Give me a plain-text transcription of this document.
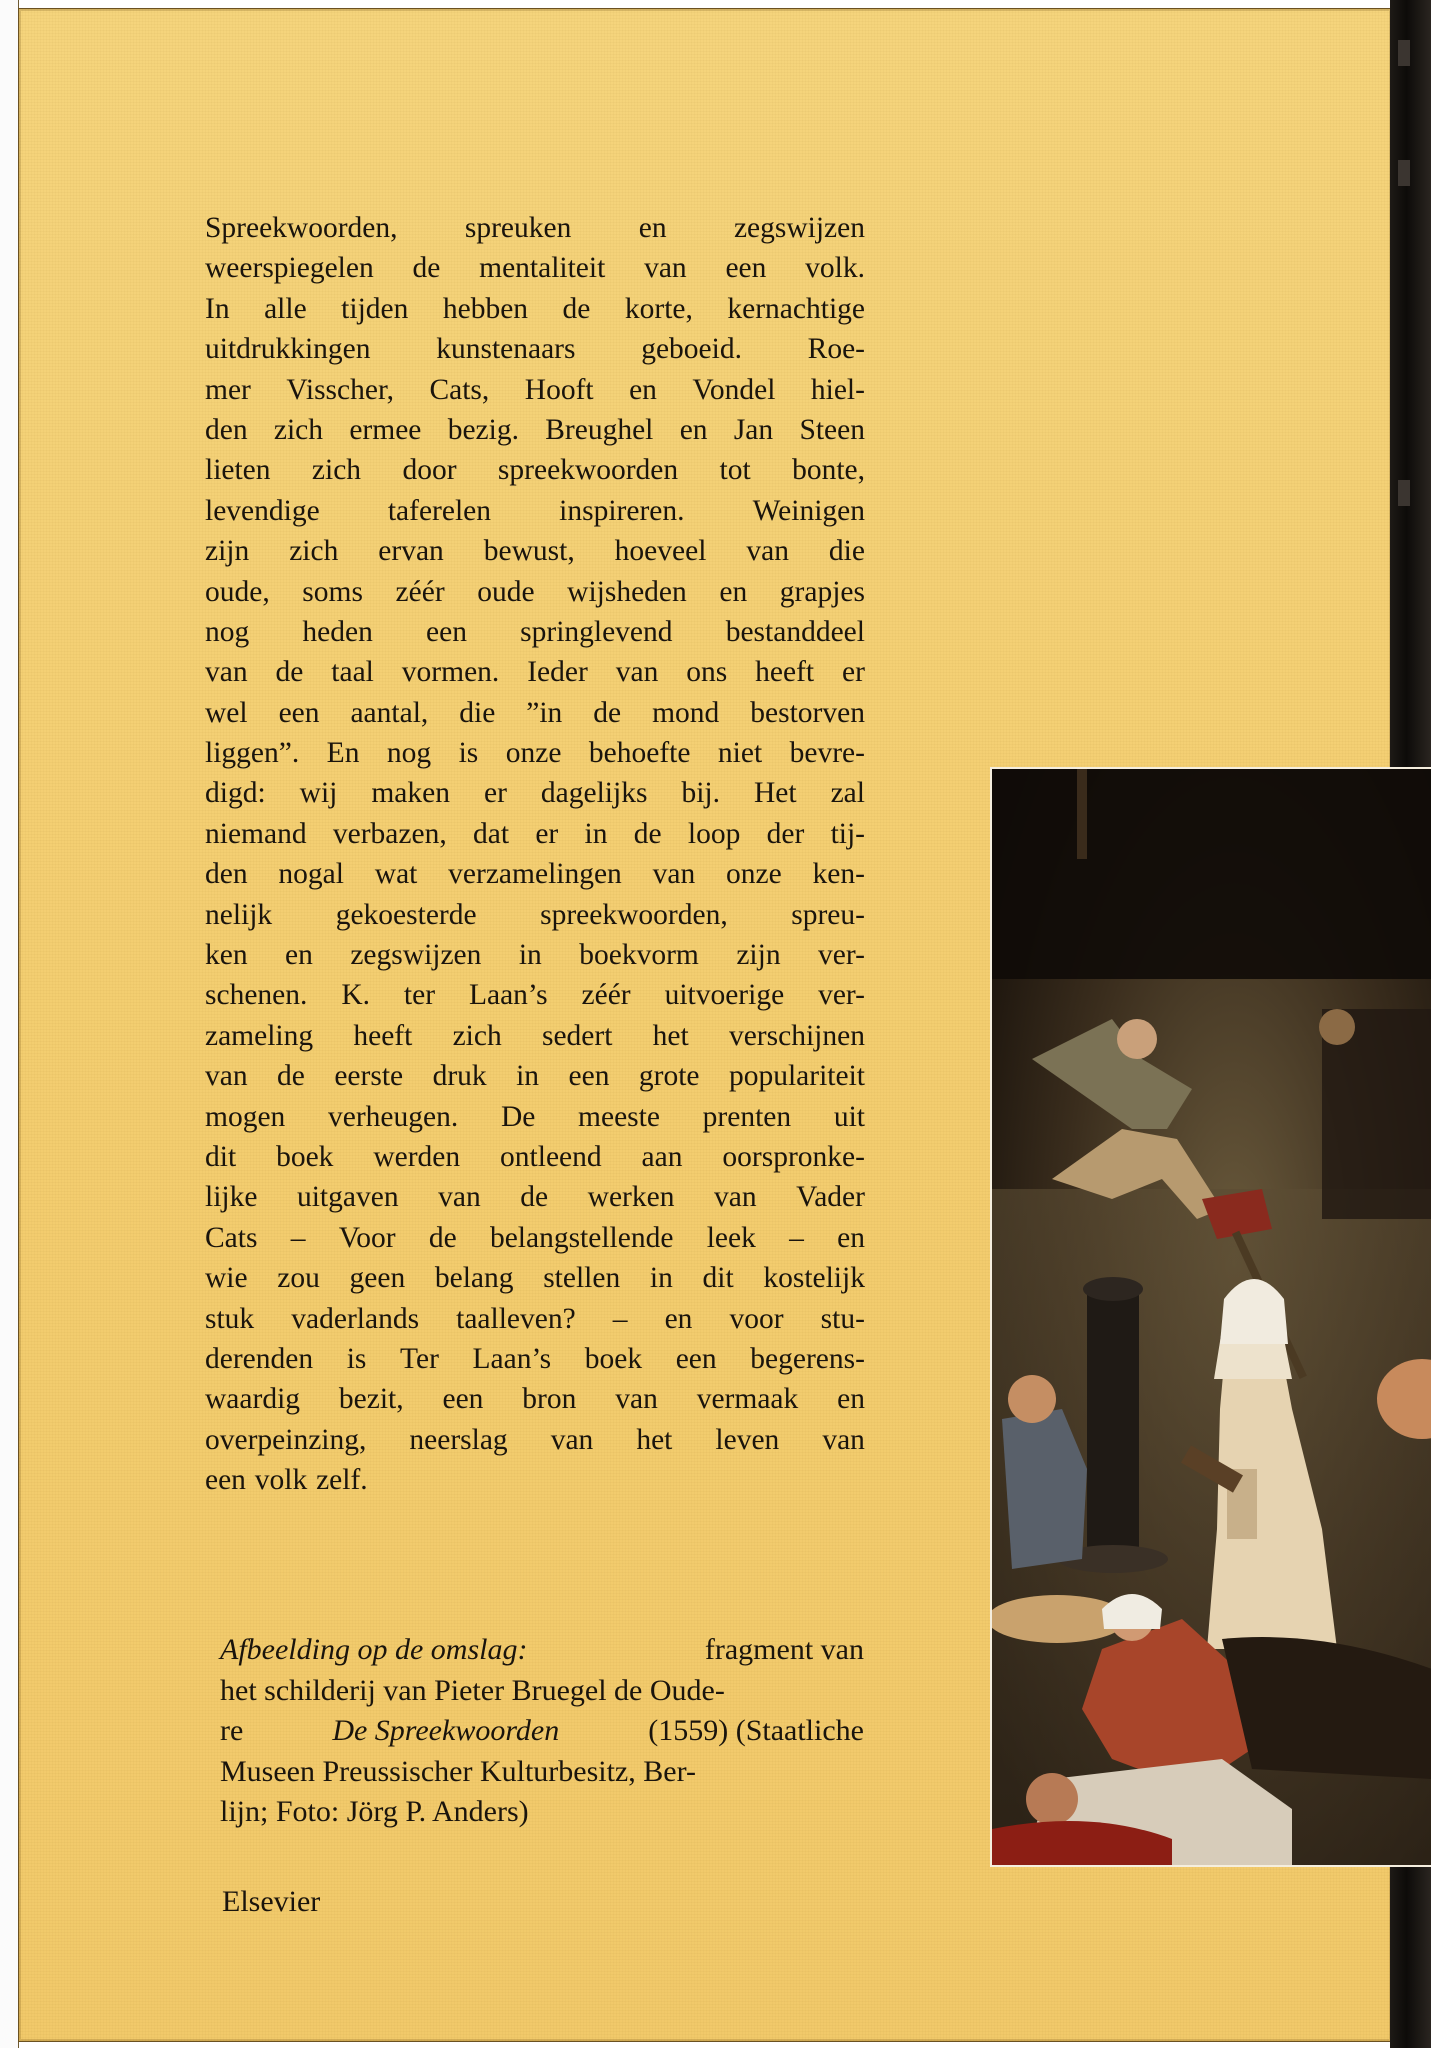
Spreekwoorden, spreuken en zegswijzen
weerspiegelen de mentaliteit van een volk.
In alle tijden hebben de korte, kernachtige
uitdrukkingen kunstenaars geboeid. Roe-
mer Visscher, Cats, Hooft en Vondel hiel-
den zich ermee bezig. Breughel en Jan Steen
lieten zich door spreekwoorden tot bonte,
levendige taferelen inspireren. Weinigen
zijn zich ervan bewust, hoeveel van die
oude, soms zéér oude wijsheden en grapjes
nog heden een springlevend bestanddeel
van de taal vormen. Ieder van ons heeft er
wel een aantal, die ”in de mond bestorven
liggen”. En nog is onze behoefte niet bevre-
digd: wij maken er dagelijks bij. Het zal
niemand verbazen, dat er in de loop der tij-
den nogal wat verzamelingen van onze ken-
nelijk gekoesterde spreekwoorden, spreu-
ken en zegswijzen in boekvorm zijn ver-
schenen. K. ter Laan’s zéér uitvoerige ver-
zameling heeft zich sedert het verschijnen
van de eerste druk in een grote populariteit
mogen verheugen. De meeste prenten uit
dit boek werden ontleend aan oorspronke-
lijke uitgaven van de werken van Vader
Cats – Voor de belangstellende leek – en
wie zou geen belang stellen in dit kostelijk
stuk vaderlands taalleven? – en voor stu-
derenden is Ter Laan’s boek een begerens-
waardig bezit, een bron van vermaak en
overpeinzing, neerslag van het leven van
een volk zelf.
Afbeelding op de omslag:	fragment van
het schilderij van Pieter Bruegel de Oude-
re	De Spreekwoorden	(1559) (Staatliche
Museen Preussischer Kulturbesitz, Ber-
lijn; Foto: Jörg P. Anders)
Elsevier
